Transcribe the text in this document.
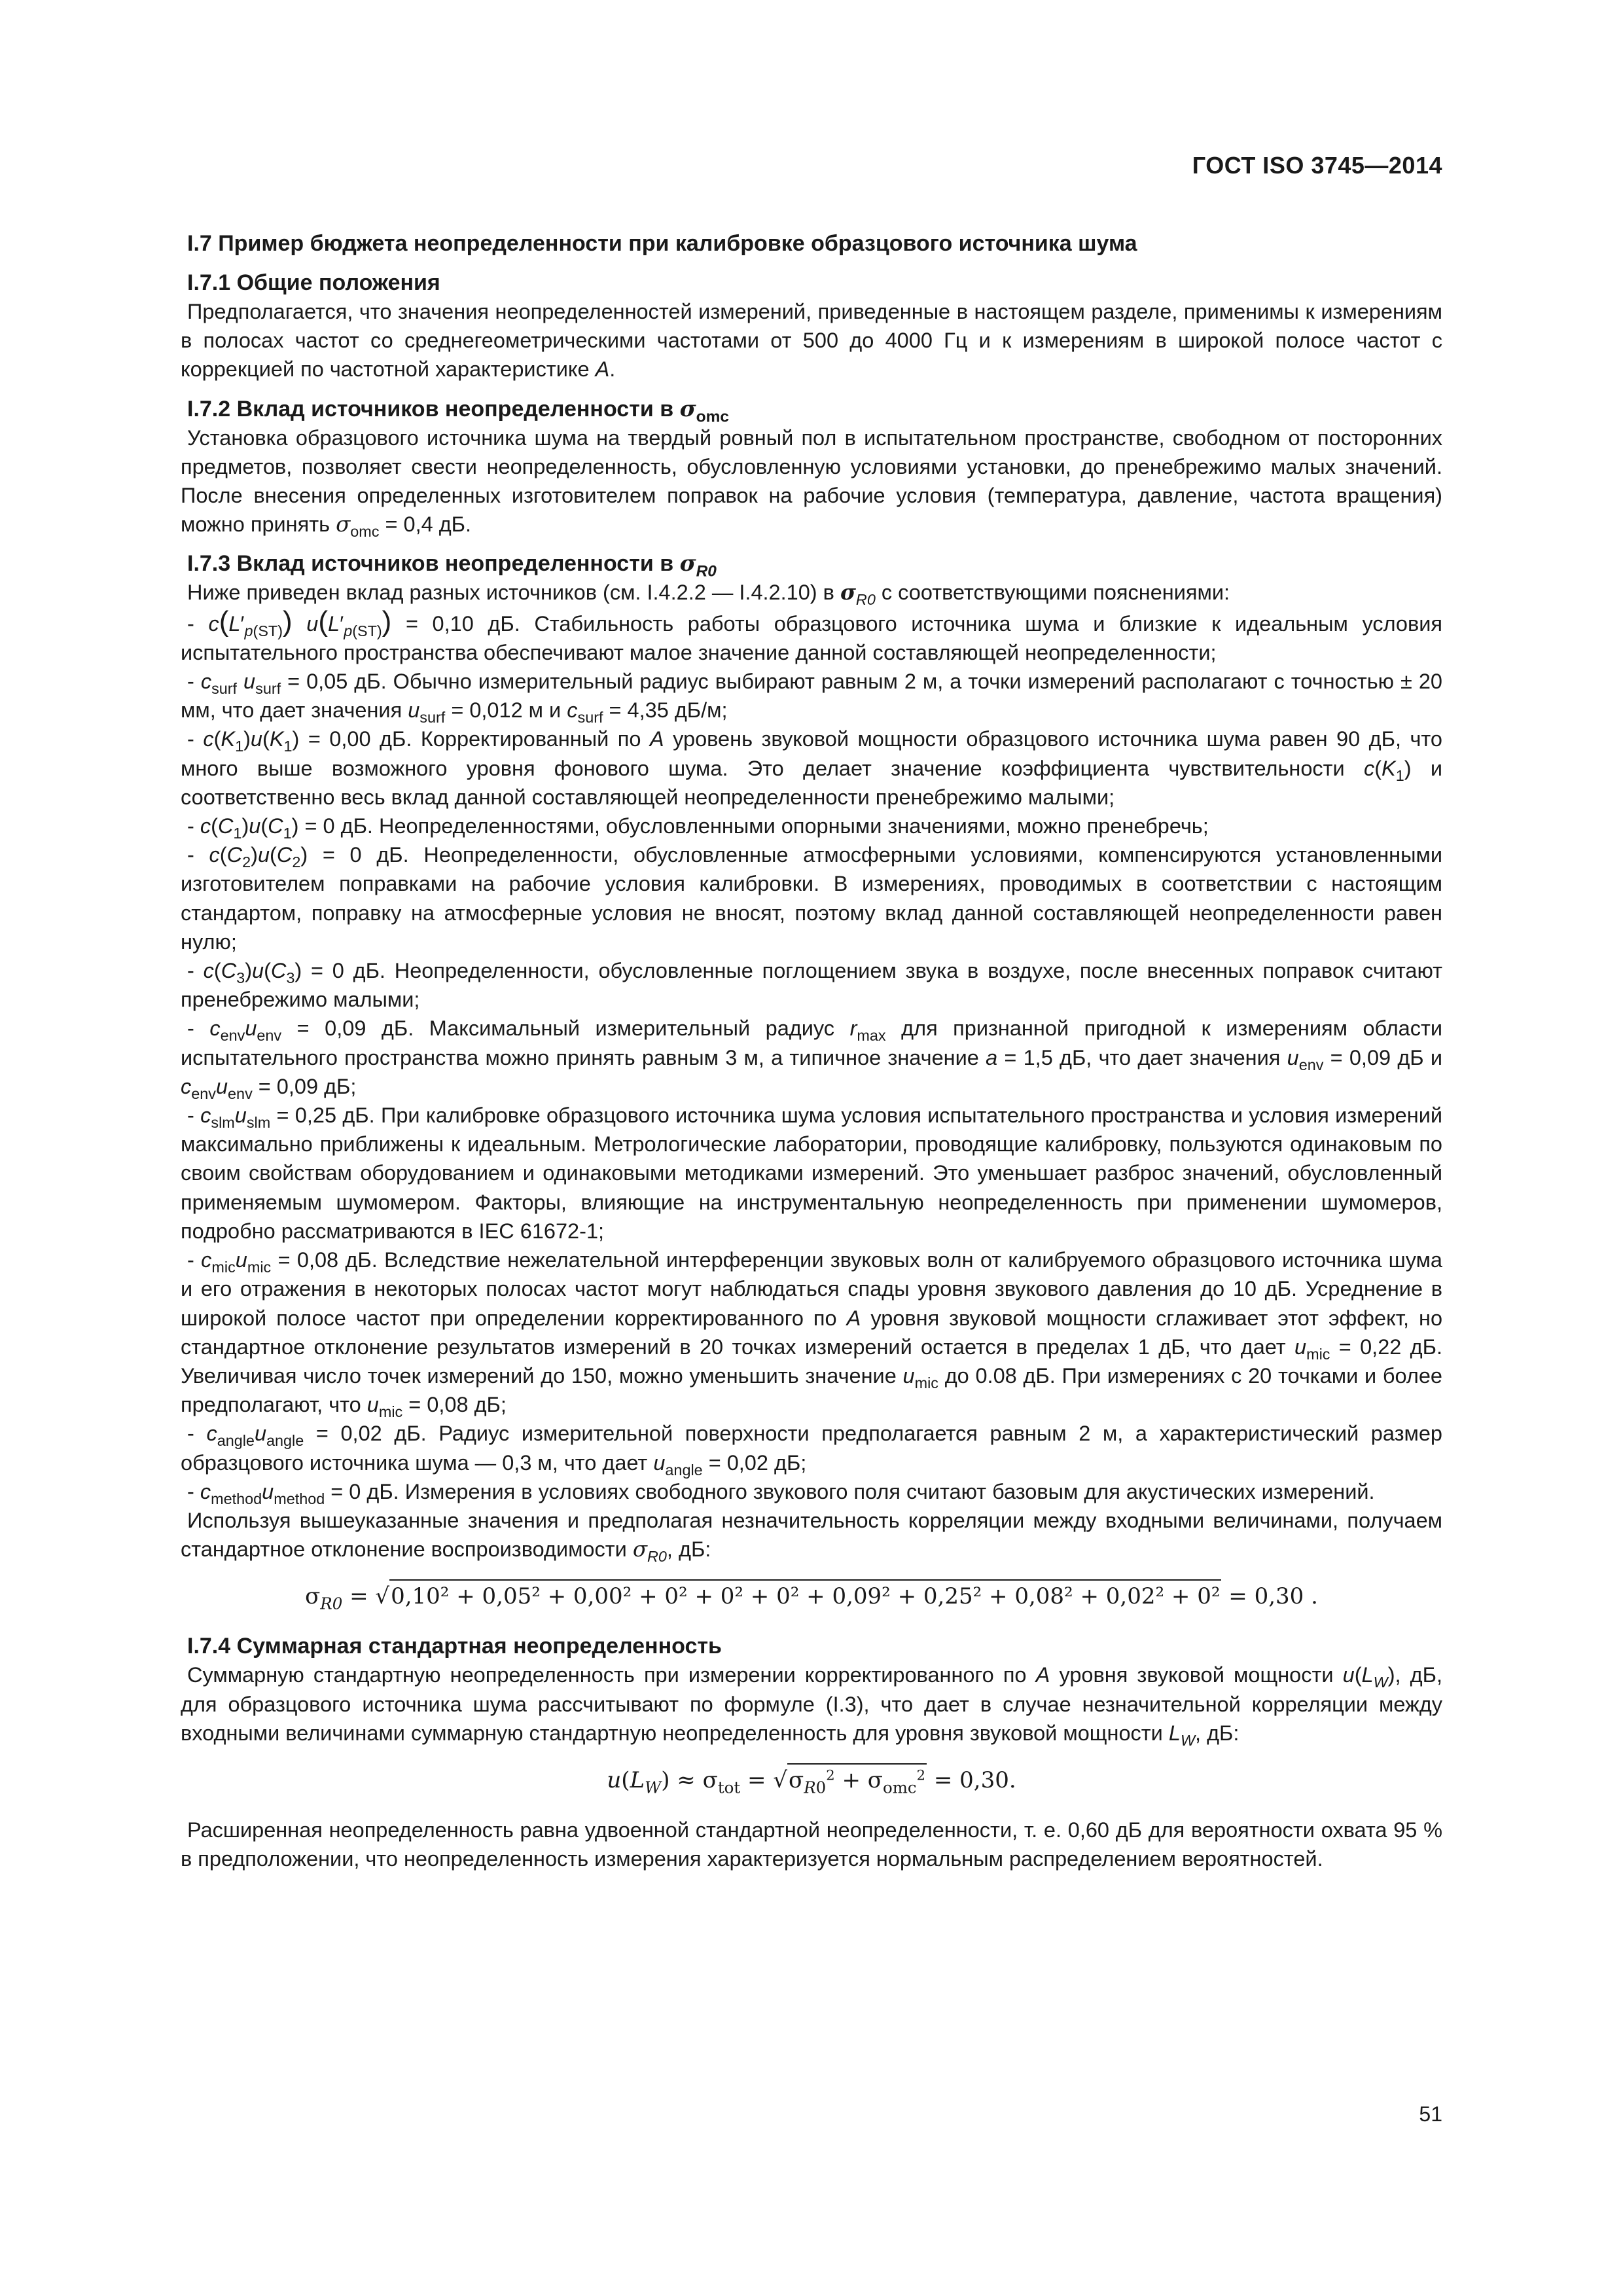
ГОСТ ISO 3745—2014

I.7 Пример бюджета неопределенности при калибровке образцового источника шума

I.7.1 Общие положения

Предполагается, что значения неопределенностей измерений, приведенные в настоящем разделе, применимы к измерениям в полосах частот со среднегеометрическими частотами от 500 до 4000 Гц и к измерениям в широкой полосе частот с коррекцией по частотной характеристике A.

I.7.2 Вклад источников неопределенности в $\sigma_{omc}$

Установка образцового источника шума на твердый ровный пол в испытательном пространстве, свободном от посторонних предметов, позволяет свести неопределенность, обусловленную условиями установки, до пренебрежимо малых значений. После внесения определенных изготовителем поправок на рабочие условия (температура, давление, частота вращения) можно принять $\sigma_{omc} = 0,4$ дБ.

I.7.3 Вклад источников неопределенности в $\sigma_{R0}$

Ниже приведен вклад разных источников (см. I.4.2.2 — I.4.2.10) в $\sigma_{R0}$ с соответствующими пояснениями:

- $c(L'_{p(ST)}) u(L'_{p(ST)}) = 0,10$ дБ. Стабильность работы образцового источника шума и близкие к идеальным условия испытательного пространства обеспечивают малое значение данной составляющей неопределенности;

- $c_{surf}$ $u_{surf} = 0,05$ дБ. Обычно измерительный радиус выбирают равным 2 м, а точки измерений располагают с точностью ± 20 мм, что дает значения $u_{surf} = 0,012$ м и $c_{surf} = 4,35$ дБ/м;

- $c(K_1)u(K_1) = 0,00$ дБ. Корректированный по A уровень звуковой мощности образцового источника шума равен 90 дБ, что много выше возможного уровня фонового шума. Это делает значение коэффициента чувствительности $c(K_1)$ и соответственно весь вклад данной составляющей неопределенности пренебрежимо малыми;

- $c(C_1)u(C_1) = 0$ дБ. Неопределенностями, обусловленными опорными значениями, можно пренебречь;

- $c(C_2)u(C_2) = 0$ дБ. Неопределенности, обусловленные атмосферными условиями, компенсируются установленными изготовителем поправками на рабочие условия калибровки. В измерениях, проводимых в соответствии с настоящим стандартом, поправку на атмосферные условия не вносят, поэтому вклад данной составляющей неопределенности равен нулю;

- $c(C_3)u(C_3) = 0$ дБ. Неопределенности, обусловленные поглощением звука в воздухе, после внесенных поправок считают пренебрежимо малыми;

- $c_{env}u_{env} = 0,09$ дБ. Максимальный измерительный радиус $r_{max}$ для признанной пригодной к измерениям области испытательного пространства можно принять равным 3 м, а типичное значение a = 1,5 дБ, что дает значения $u_{env} = 0,09$ дБ и $c_{env}u_{env} = 0,09$ дБ;

- $c_{slm}u_{slm} = 0,25$ дБ. При калибровке образцового источника шума условия испытательного пространства и условия измерений максимально приближены к идеальным. Метрологические лаборатории, проводящие калибровку, пользуются одинаковым по своим свойствам оборудованием и одинаковыми методиками измерений. Это уменьшает разброс значений, обусловленный применяемым шумомером. Факторы, влияющие на инструментальную неопределенность при применении шумомеров, подробно рассматриваются в IEC 61672-1;

- $c_{mic}u_{mic} = 0,08$ дБ. Вследствие нежелательной интерференции звуковых волн от калибруемого образцового источника шума и его отражения в некоторых полосах частот могут наблюдаться спады уровня звукового давления до 10 дБ. Усреднение в широкой полосе частот при определении корректированного по A уровня звуковой мощности сглаживает этот эффект, но стандартное отклонение результатов измерений в 20 точках измерений остается в пределах 1 дБ, что дает $u_{mic} = 0,22$ дБ. Увеличивая число точек измерений до 150, можно уменьшить значение $u_{mic}$ до 0.08 дБ. При измерениях с 20 точками и более предполагают, что $u_{mic} = 0,08$ дБ;

- $c_{angle}u_{angle} = 0,02$ дБ. Радиус измерительной поверхности предполагается равным 2 м, а характеристический размер образцового источника шума — 0,3 м, что дает $u_{angle} = 0,02$ дБ;

- $c_{method}u_{method} = 0$ дБ. Измерения в условиях свободного звукового поля считают базовым для акустических измерений.

Используя вышеуказанные значения и предполагая незначительность корреляции между входными величинами, получаем стандартное отклонение воспроизводимости $\sigma_{R0}$, дБ:

$\sigma_{R0} = √0,10^2 + 0,05^2 + 0,00^2 + 0^2 + 0^2 + 0^2 + 0,09^2 + 0,25^2 + 0,08^2 + 0,02^2 + 0^2 = 0,30$ .

I.7.4 Суммарная стандартная неопределенность

Суммарную стандартную неопределенность при измерении корректированного по A уровня звуковой мощности $u(L_W)$, дБ, для образцового источника шума рассчитывают по формуле (I.3), что дает в случае незначительной корреляции между входными величинами суммарную стандартную неопределенность для уровня звуковой мощности $L_W$, дБ:

$u(L_W) \approx \sigma_{tot} = √\sigma_{R0}^2 + \sigma_{omc}^2 = 0,30$.

Расширенная неопределенность равна удвоенной стандартной неопределенности, т. е. 0,60 дБ для вероятности охвата 95 % в предположении, что неопределенность измерения характеризуется нормальным распределением вероятностей.

51
